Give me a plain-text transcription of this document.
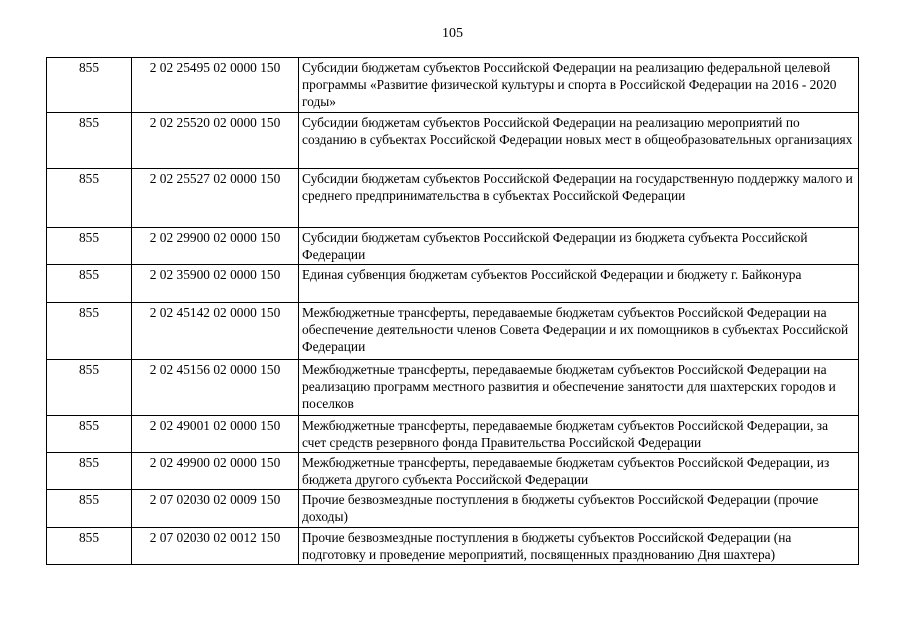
105
855	2 02 25495 02 0000 150	Субсидии бюджетам субъектов Российской Федерации на реализацию федеральной целевой программы «Развитие физической культуры и спорта в Российской Федерации на 2016 - 2020 годы»
855	2 02 25520 02 0000 150	Субсидии бюджетам субъектов Российской Федерации на реализацию мероприятий по созданию в субъектах Российской Федерации новых мест в общеобразовательных организациях
855	2 02 25527 02 0000 150	Субсидии бюджетам субъектов Российской Федерации на государственную поддержку малого и среднего предпринимательства в субъектах Российской Федерации
855	2 02 29900 02 0000 150	Субсидии бюджетам субъектов Российской Федерации из бюджета субъекта Российской Федерации
855	2 02 35900 02 0000 150	Единая субвенция бюджетам субъектов Российской Федерации и бюджету г. Байконура
855	2 02 45142 02 0000 150	Межбюджетные трансферты, передаваемые бюджетам субъектов Российской Федерации на обеспечение деятельности членов Совета Федерации и их помощников в субъектах Российской Федерации
855	2 02 45156 02 0000 150	Межбюджетные трансферты, передаваемые бюджетам субъектов Российской Федерации на реализацию программ местного развития и обеспечение занятости для шахтерских городов и поселков
855	2 02 49001 02 0000 150	Межбюджетные трансферты, передаваемые бюджетам субъектов Российской Федерации, за счет средств резервного фонда Правительства Российской Федерации
855	2 02 49900 02 0000 150	Межбюджетные трансферты, передаваемые бюджетам субъектов Российской Федерации, из бюджета другого субъекта Российской Федерации
855	2 07 02030 02 0009 150	Прочие безвозмездные поступления в бюджеты субъектов Российской Федерации (прочие доходы)
855	2 07 02030 02 0012 150	Прочие безвозмездные поступления в бюджеты субъектов Российской Федерации (на подготовку и проведение мероприятий, посвященных празднованию Дня шахтера)
